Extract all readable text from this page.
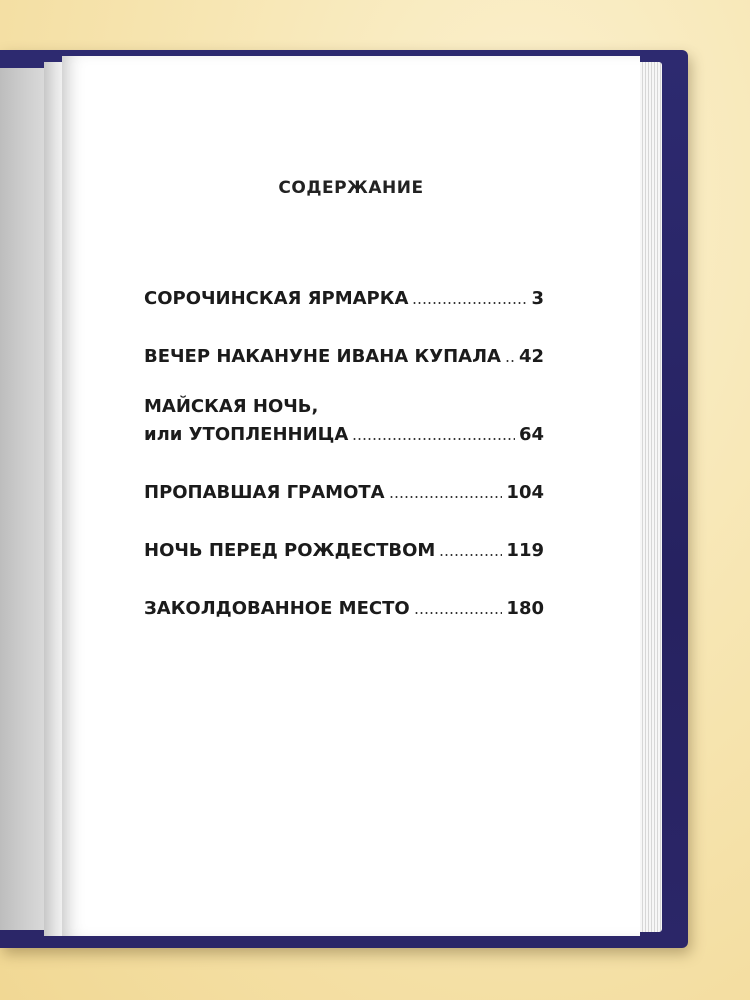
СОДЕРЖАНИЕ
СОРОЧИНСКАЯ ЯРМАРКА	3
ВЕЧЕР НАКАНУНЕ ИВАНА КУПАЛА 42
МАЙСКАЯ НОЧЬ,
или УТОПЛЕННИЦА	64
ПРОПАВШАЯ ГРАМОТА	104
НОЧЬ ПЕРЕД РОЖДЕСТВОМ	119
ЗАКОЛДОВАННОЕ МЕСТО	180
